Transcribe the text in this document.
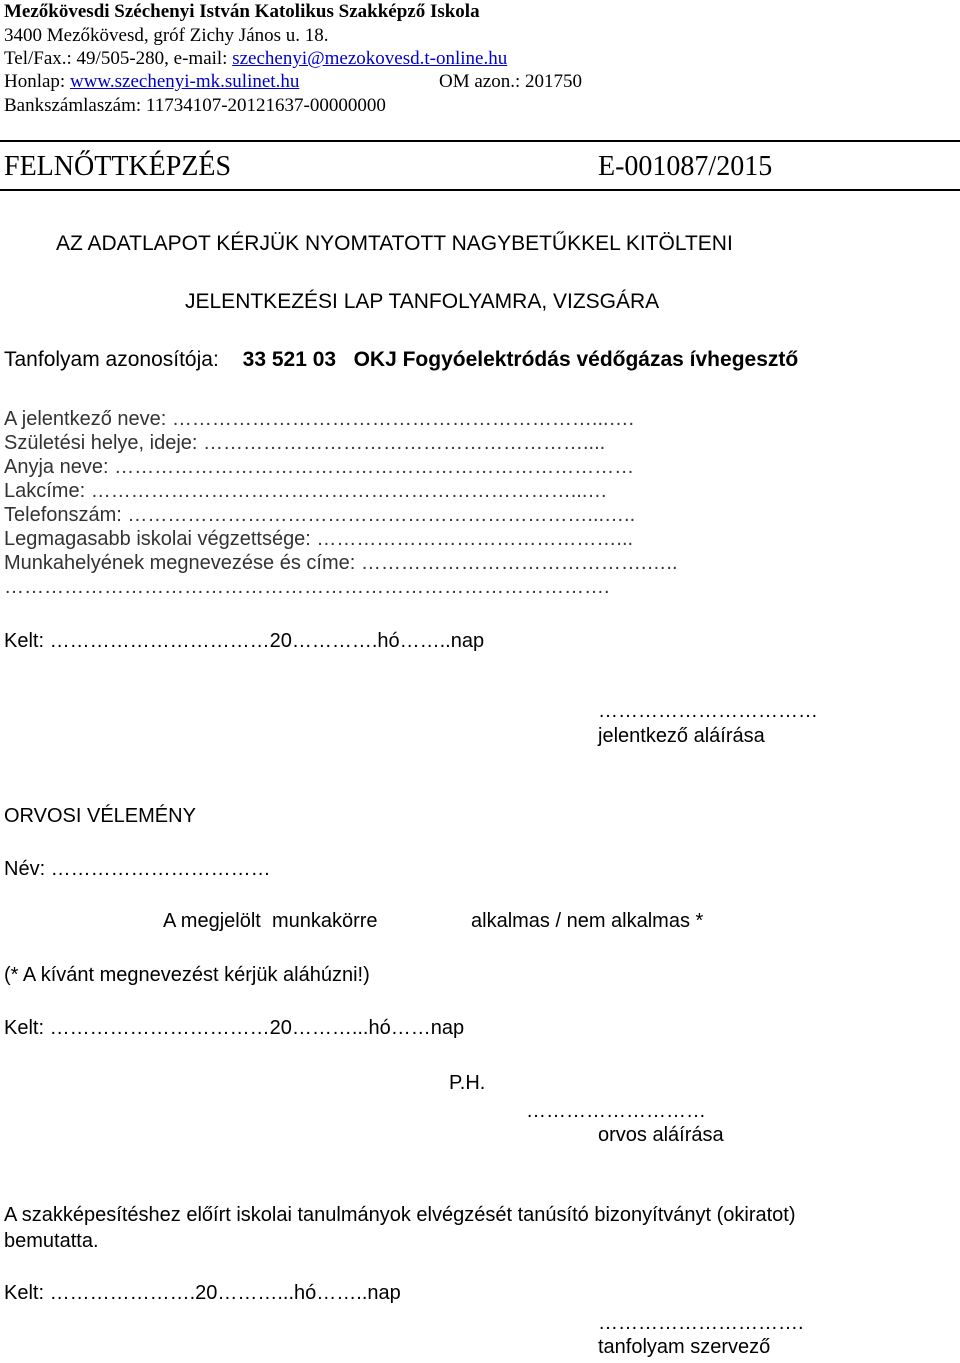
Mezőkövesdi Széchenyi István Katolikus Szakképző Iskola
3400 Mezőkövesd, gróf Zichy János u. 18.
Tel/Fax.: 49/505-280, e-mail: szechenyi@mezokovesd.t-online.hu
Honlap: www.szechenyi-mk.sulinet.hu	OM azon.: 201750
Bankszámlaszám: 11734107-20121637-00000000
FELNŐTTKÉPZÉS	E-001087/2015
AZ ADATLAPOT KÉRJÜK NYOMTATOTT NAGYBETŰKKEL KITÖLTENI
JELENTKEZÉSI LAP TANFOLYAMRA, VIZSGÁRA
Tanfolyam azonosítója: 33 521 03   OKJ Fogyóelektródás védőgázas ívhegesztő
A jelentkező neve: ………………………………………………………...….
Születési helye, ideje: …………………………………………………....
Anyja neve: ……………………………………………………………………
Lakcíme: ………………………………………………………………...…
Telefonszám: ……………………………………………………………...…..
Legmagasabb iskolai végzettsége: ………………………………………...
Munkahelyének megnevezése és címe: …………………………………….…..
……………………………………………………………………………….
Kelt: ……………………………20………….hó……..nap
……………………………
jelentkező aláírása
ORVOSI VÉLEMÉNY
Név: ……………………………
A megjelölt  munkakörre	alkalmas / nem alkalmas *
(* A kívánt megnevezést kérjük aláhúzni!)
Kelt: ……………………………20………...hó……nap
P.H.
………………………
orvos aláírása
A szakképesítéshez előírt iskolai tanulmányok elvégzését tanúsító bizonyítványt (okiratot)
bemutatta.
Kelt: ………………….20………...hó……..nap
………………………….
tanfolyam szervező
